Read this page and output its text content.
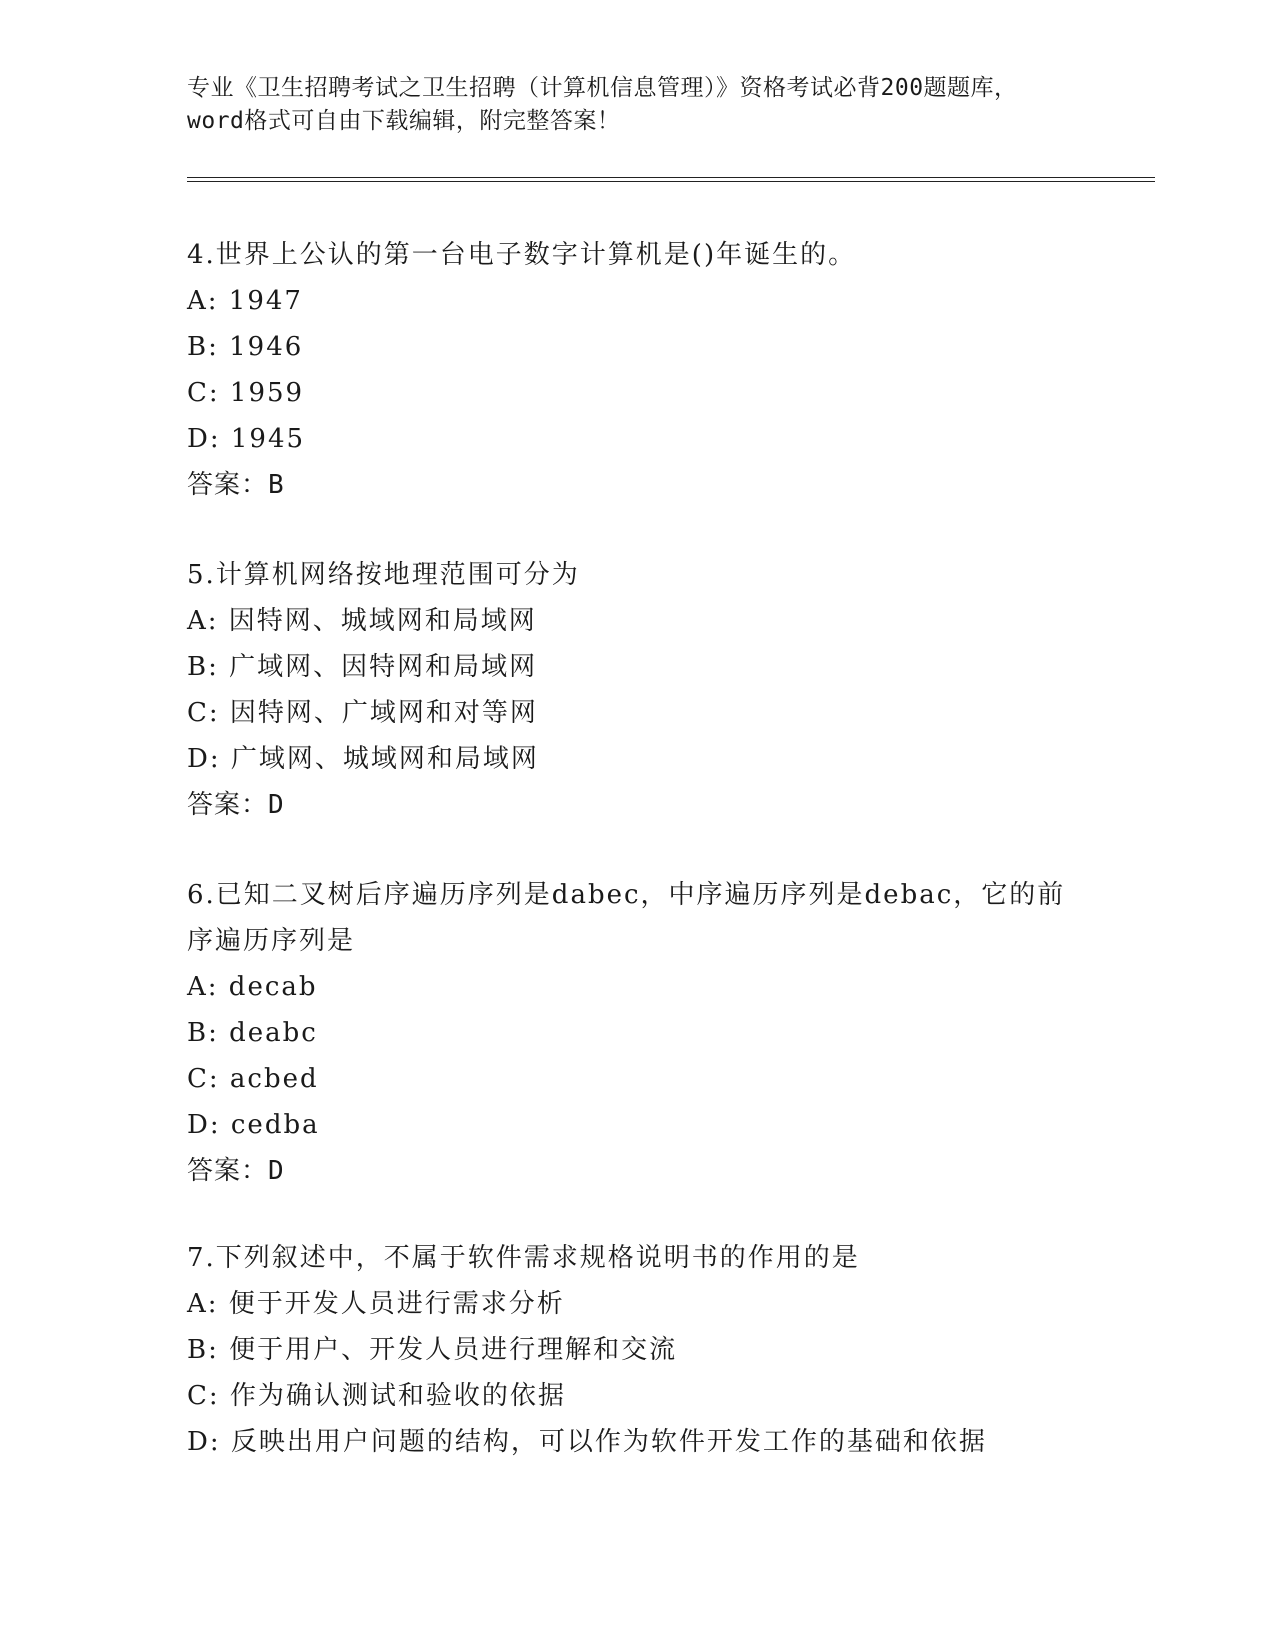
专业《卫生招聘考试之卫生招聘（计算机信息管理）》资格考试必背200题题库，
word格式可自由下载编辑，附完整答案！
4.世界上公认的第一台电子数字计算机是()年诞生的。
A: 1947
B: 1946
C: 1959
D: 1945
答案：B
5.计算机网络按地理范围可分为
A: 因特网、城域网和局域网
B: 广域网、因特网和局域网
C: 因特网、广域网和对等网
D: 广域网、城域网和局域网
答案：D
6.已知二叉树后序遍历序列是dabec，中序遍历序列是debac，它的前
序遍历序列是
A: decab
B: deabc
C: acbed
D: cedba
答案：D
7.下列叙述中，不属于软件需求规格说明书的作用的是
A: 便于开发人员进行需求分析
B: 便于用户、开发人员进行理解和交流
C: 作为确认测试和验收的依据
D: 反映出用户问题的结构，可以作为软件开发工作的基础和依据
